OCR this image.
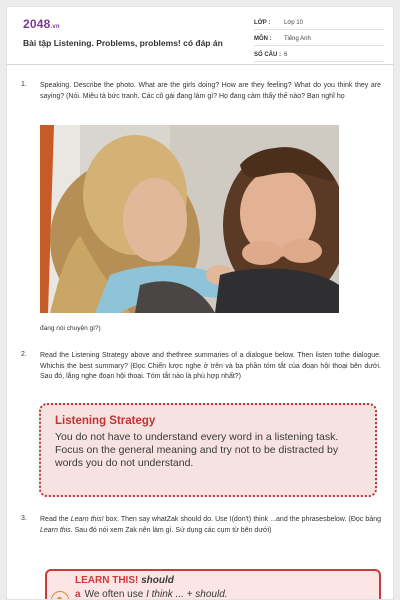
2048.vn
Bài tập Listening. Problems, problems! có đáp án
LỚP :	Lớp 10
MÔN :	Tiếng Anh
SỐ CÂU : 6
1. Speaking. Describe the photo. What are the girls doing? How are they feeling? What do you think they are saying? (Nói. Miêu tả bức tranh. Các cô gái đang làm gì? Họ đang cảm thấy thế nào? Bạn nghĩ họ
đang nói chuyện gì?)
2. Read the Listening Strategy above and thethree summaries of a dialogue below. Then listen tothe dialogue. Whichis the best summary? (Đọc Chiến lược nghe ở trên và ba phần tóm tắt của đoạn hội thoại bên dưới. Sau đó, lắng nghe đoạn hội thoại. Tóm tắt nào là phù hợp nhất?)
Listening Strategy
You do not have to understand every word in a listening task. Focus on the general meaning and try not to be distracted by words you do not understand.
3. Read the Learn this! box. Then say whatZak should do. Use I(don't) think ...and the phrasesbelow. (Đọc bảng Learn this. Sau đó nói xem Zak nên làm gì. Sử dụng các cụm từ bên dưới)
LEARN THIS! should
a We often use I think ... + should.
